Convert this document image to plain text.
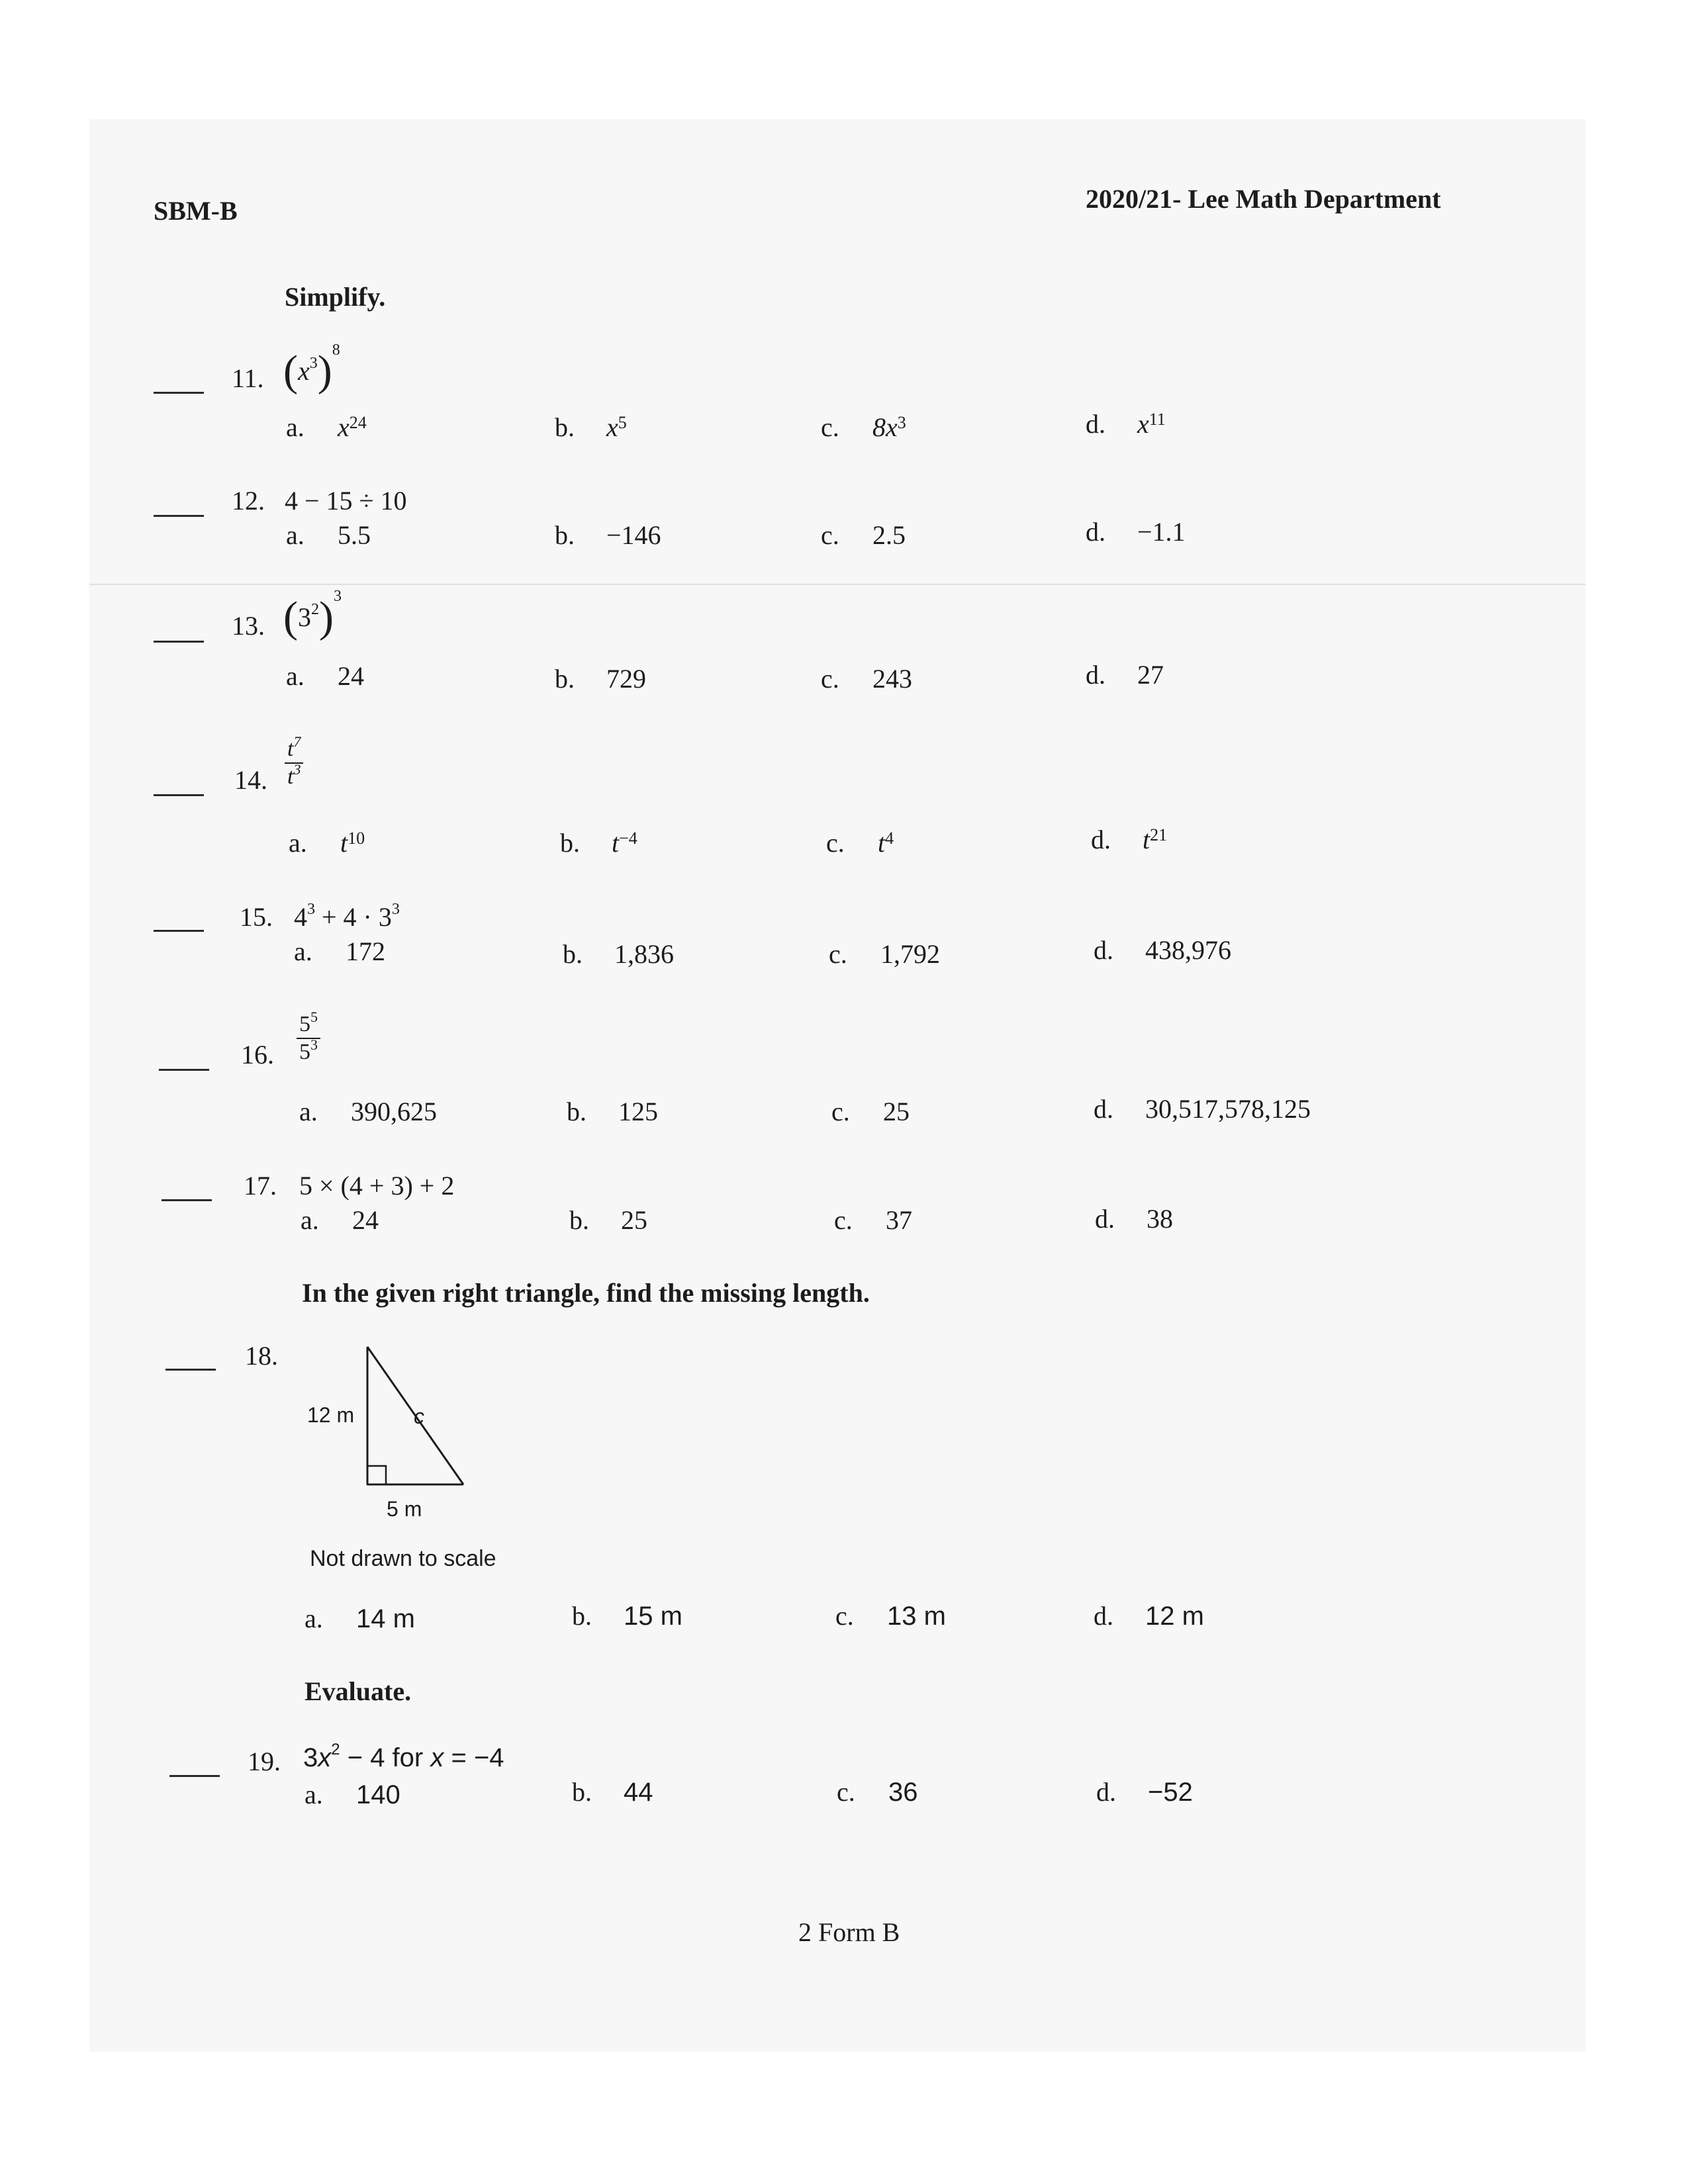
SBM-B	2020/21- Lee Math Department
Simplify.
11. $(x^3)^8$
a. $x^{24}$	b. $x^5$	c. $8x^3$	d. $x^{11}$
12. 4 − 15 ÷ 10
a. 5.5	b. −146	c. 2.5	d. −1.1
13. $(3^2)^3$
a. 24	b. 729	c. 243	d. 27
14. $\frac{t^7}{t^3}$
a. $t^{10}$	b. $t^{-4}$	c. $t^4$	d. $t^{21}$
15. $4^3 + 4 \cdot 3^3$
a. 172	b. 1,836	c. 1,792	d. 438,976
16. $\frac{5^5}{5^3}$
a. 390,625	b. 125	c. 25	d. 30,517,578,125
17. 5 × (4 + 3) + 2
a. 24	b. 25	c. 37	d. 38
In the given right triangle, find the missing length.
18.
12 m	c
5 m
Not drawn to scale
a. 14 m	b. 15 m	c. 13 m	d. 12 m
Evaluate.
19. $3x^2 - 4$ for x = −4
a. 140	b. 44	c. 36	d. −52
2 Form B
